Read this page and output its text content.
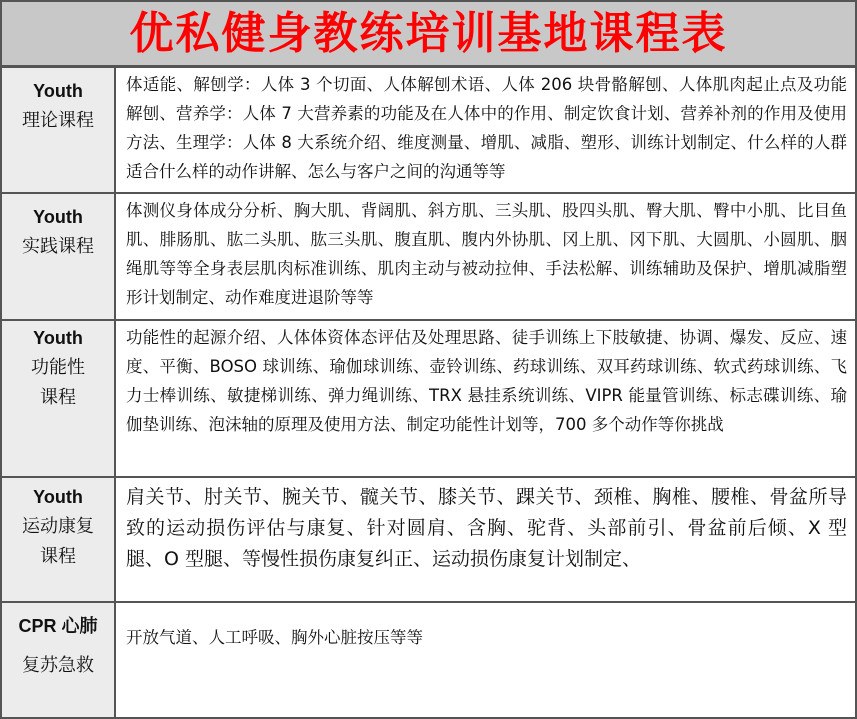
优私健身教练培训基地课程表
Youth
理论课程	体适能、解刨学：人体 3 个切面、人体解刨术语、人体 206 块骨骼解刨、人体肌肉起止点及功能解刨、营养学：人体 7 大营养素的功能及在人体中的作用、制定饮食计划、营养补剂的作用及使用方法、生理学：人体 8 大系统介绍、维度测量、增肌、减脂、塑形、训练计划制定、什么样的人群适合什么样的动作讲解、怎么与客户之间的沟通等等

Youth
实践课程	体测仪身体成分分析、胸大肌、背阔肌、斜方肌、三头肌、股四头肌、臀大肌、臀中小肌、比目鱼肌、腓肠肌、肱二头肌、肱三头肌、腹直肌、腹内外协肌、冈上肌、冈下肌、大圆肌、小圆肌、胭绳肌等等全身表层肌肉标准训练、肌肉主动与被动拉伸、手法松解、训练辅助及保护、增肌减脂塑形计划制定、动作难度进退阶等等

Youth
功能性
课程	功能性的起源介绍、人体体资体态评估及处理思路、徒手训练上下肢敏捷、协调、爆发、反应、速度、平衡、BOSO 球训练、瑜伽球训练、壶铃训练、药球训练、双耳药球训练、软式药球训练、飞力士棒训练、敏捷梯训练、弹力绳训练、TRX 悬挂系统训练、VIPR 能量管训练、标志碟训练、瑜伽垫训练、泡沫轴的原理及使用方法、制定功能性计划等，700 多个动作等你挑战

Youth
运动康复
课程	肩关节、肘关节、腕关节、髋关节、膝关节、踝关节、颈椎、胸椎、腰椎、骨盆所导致的运动损伤评估与康复、针对圆肩、含胸、驼背、头部前引、骨盆前后倾、X 型腿、O 型腿、等慢性损伤康复纠正、运动损伤康复计划制定、

CPR 心肺
复苏急救	开放气道、人工呼吸、胸外心脏按压等等
